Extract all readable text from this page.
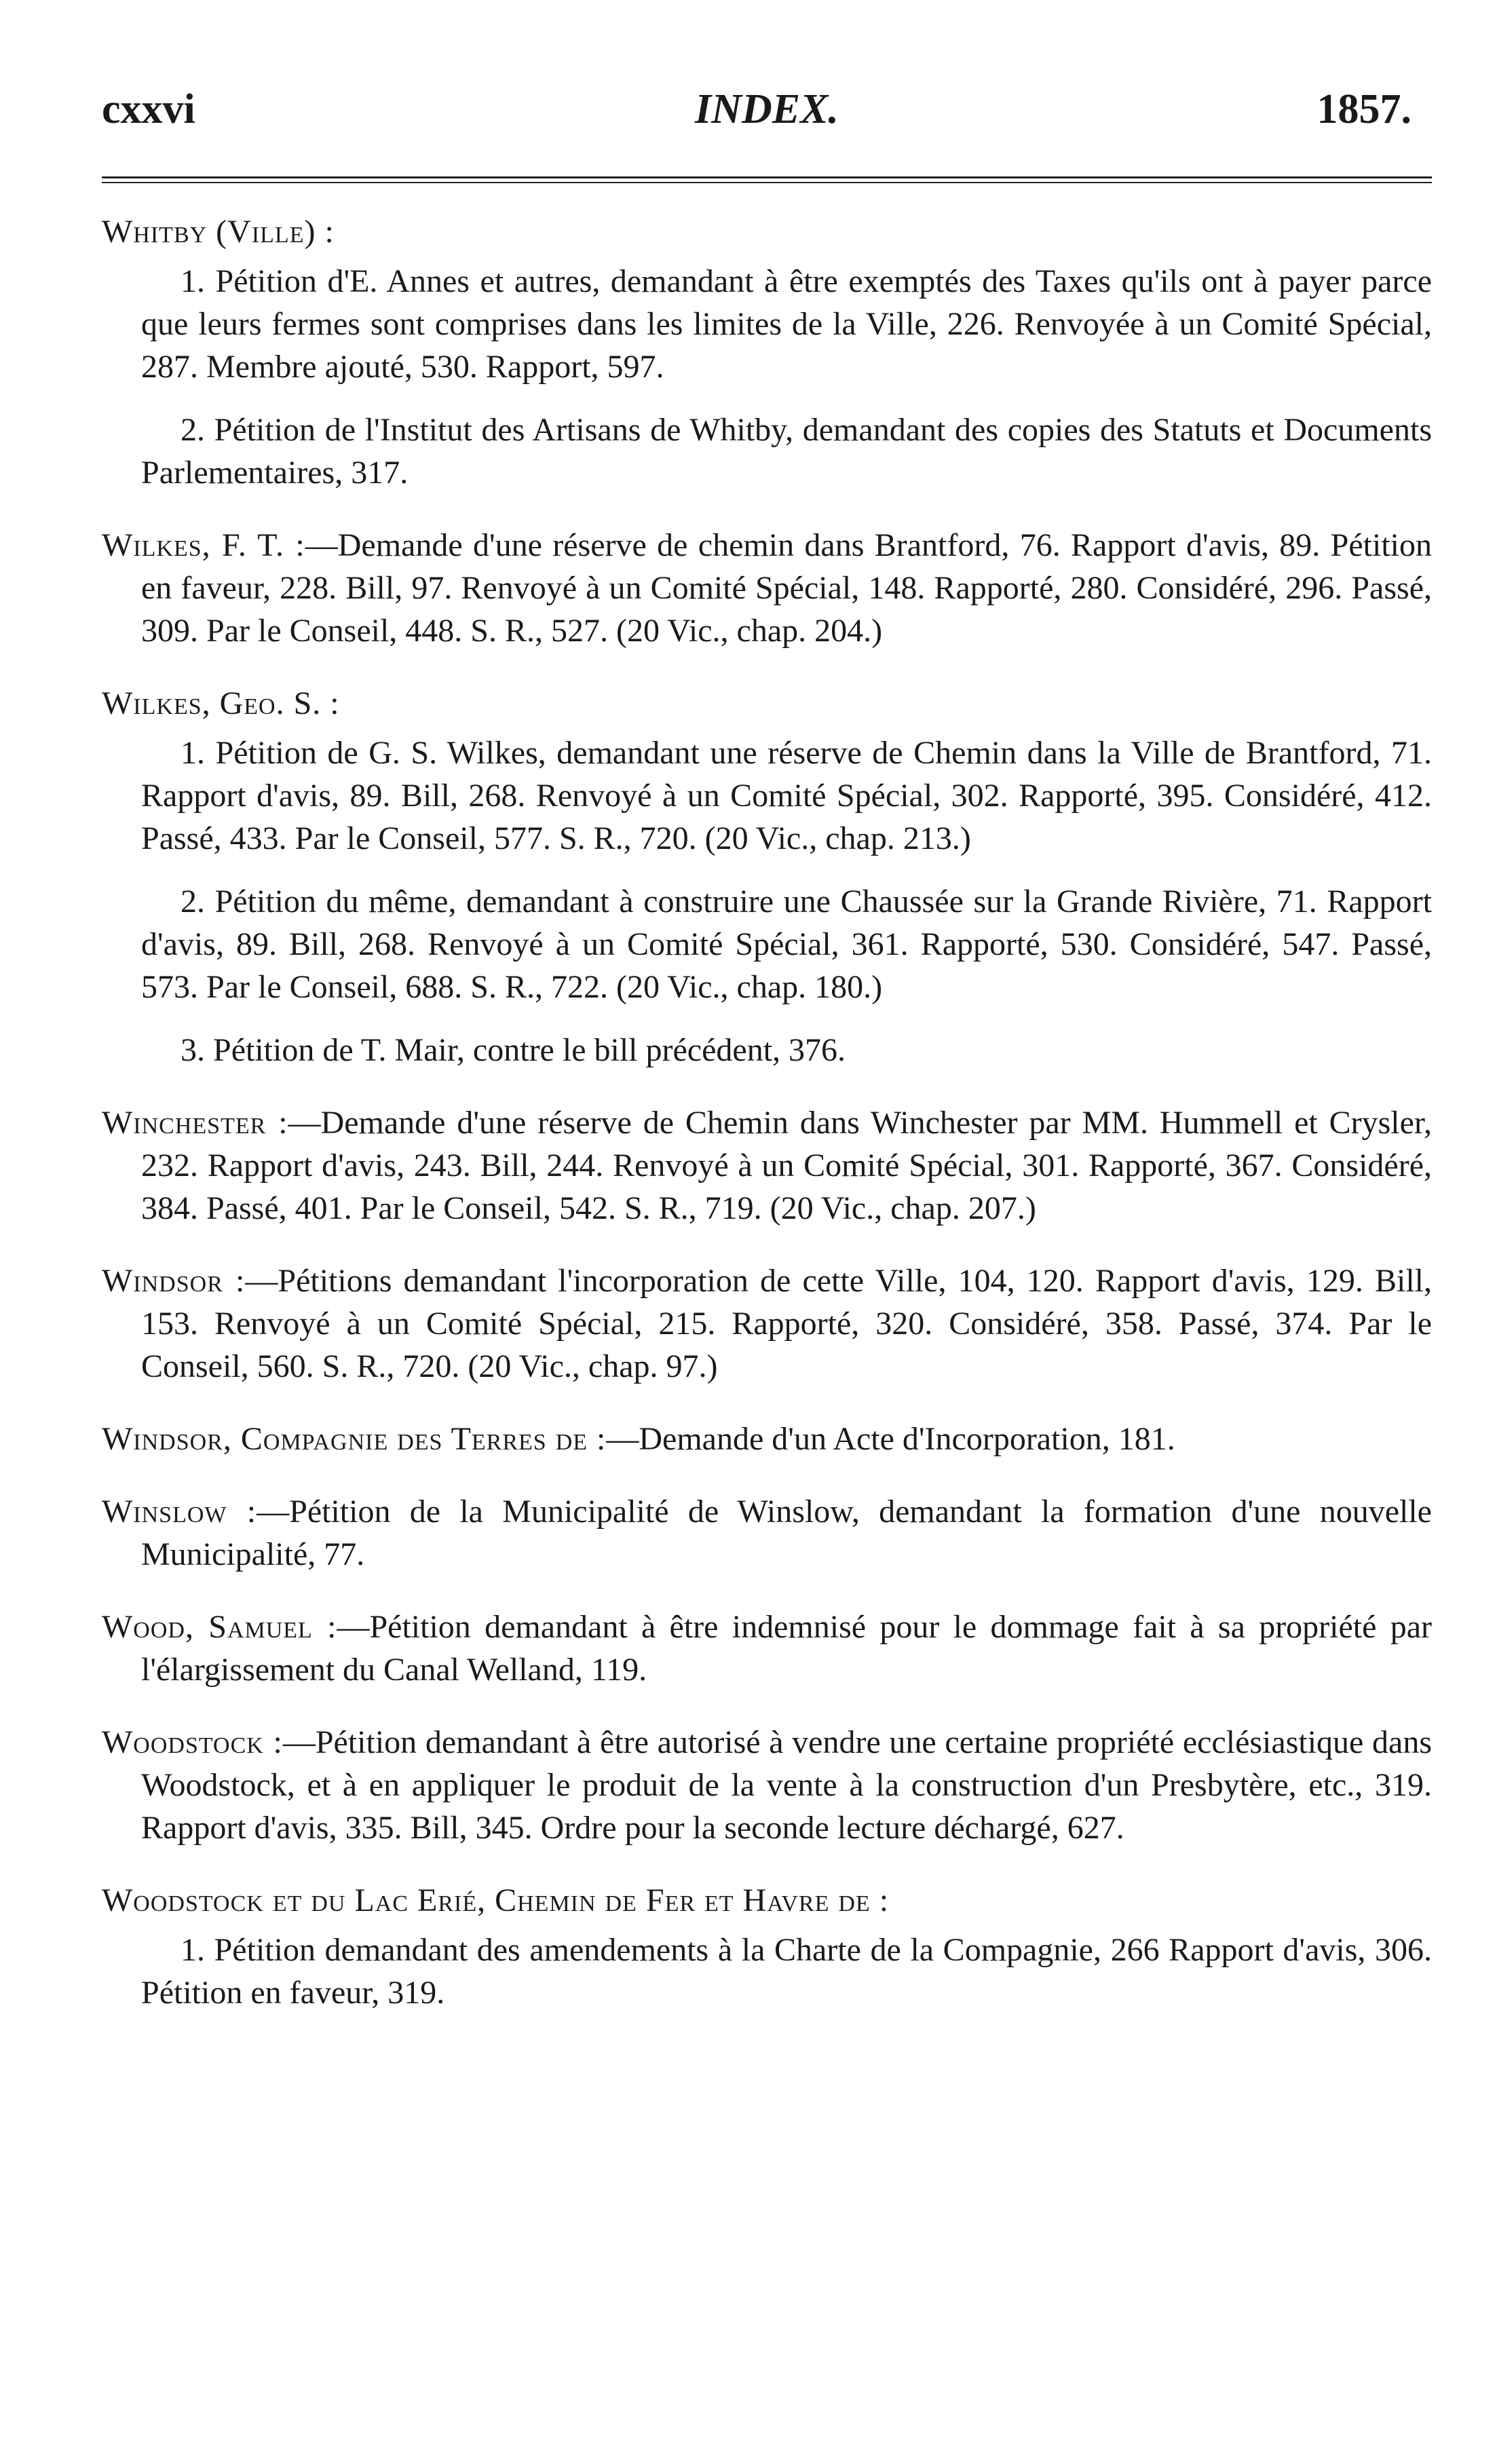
cxxvi	INDEX.	1857.

Whitby (Ville) :

1. Pétition d'E. Annes et autres, demandant à être exemptés des Taxes qu'ils ont à payer parce que leurs fermes sont comprises dans les limites de la Ville, 226. Renvoyée à un Comité Spécial, 287. Membre ajouté, 530. Rapport, 597.

2. Pétition de l'Institut des Artisans de Whitby, demandant des copies des Statuts et Documents Parlementaires, 317.

Wilkes, F. T. :—Demande d'une réserve de chemin dans Brantford, 76. Rapport d'avis, 89. Pétition en faveur, 228. Bill, 97. Renvoyé à un Comité Spécial, 148. Rapporté, 280. Considéré, 296. Passé, 309. Par le Conseil, 448. S. R., 527. (20 Vic., chap. 204.)

Wilkes, Geo. S. :

1. Pétition de G. S. Wilkes, demandant une réserve de Chemin dans la Ville de Brantford, 71. Rapport d'avis, 89. Bill, 268. Renvoyé à un Comité Spécial, 302. Rapporté, 395. Considéré, 412. Passé, 433. Par le Conseil, 577. S. R., 720. (20 Vic., chap. 213.)

2. Pétition du même, demandant à construire une Chaussée sur la Grande Rivière, 71. Rapport d'avis, 89. Bill, 268. Renvoyé à un Comité Spécial, 361. Rapporté, 530. Considéré, 547. Passé, 573. Par le Conseil, 688. S. R., 722. (20 Vic., chap. 180.)

3. Pétition de T. Mair, contre le bill précédent, 376.

Winchester :—Demande d'une réserve de Chemin dans Winchester par MM. Hummell et Crysler, 232. Rapport d'avis, 243. Bill, 244. Renvoyé à un Comité Spécial, 301. Rapporté, 367. Considéré, 384. Passé, 401. Par le Conseil, 542. S. R., 719. (20 Vic., chap. 207.)

Windsor :—Pétitions demandant l'incorporation de cette Ville, 104, 120. Rapport d'avis, 129. Bill, 153. Renvoyé à un Comité Spécial, 215. Rapporté, 320. Considéré, 358. Passé, 374. Par le Conseil, 560. S. R., 720. (20 Vic., chap. 97.)

Windsor, Compagnie des Terres de :—Demande d'un Acte d'Incorporation, 181.

Winslow :—Pétition de la Municipalité de Winslow, demandant la formation d'une nouvelle Municipalité, 77.

Wood, Samuel :—Pétition demandant à être indemnisé pour le dommage fait à sa propriété par l'élargissement du Canal Welland, 119.

Woodstock :—Pétition demandant à être autorisé à vendre une certaine propriété ecclésiastique dans Woodstock, et à en appliquer le produit de la vente à la construction d'un Presbytère, etc., 319. Rapport d'avis, 335. Bill, 345. Ordre pour la seconde lecture déchargé, 627.

Woodstock et du Lac Erié, Chemin de Fer et Havre de :

1. Pétition demandant des amendements à la Charte de la Compagnie, 266 Rapport d'avis, 306. Pétition en faveur, 319.
